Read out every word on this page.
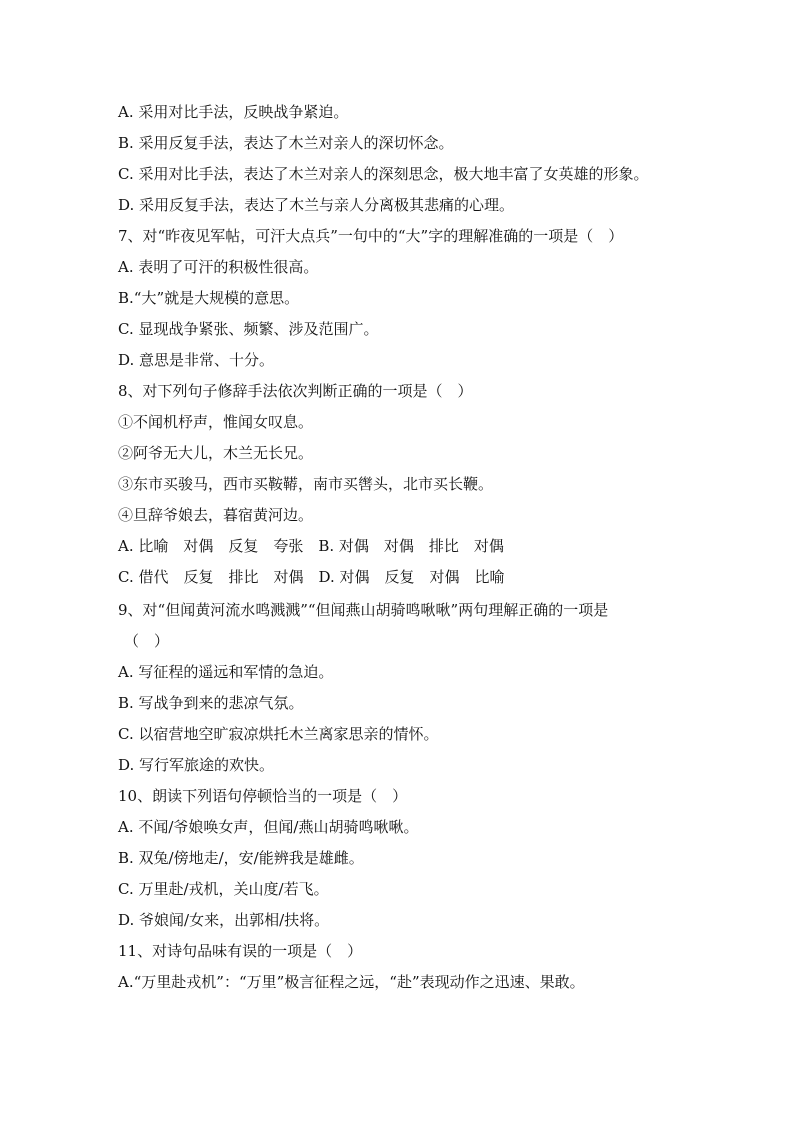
A. 采用对比手法，反映战争紧迫。
B. 采用反复手法，表达了木兰对亲人的深切怀念。
C. 采用对比手法，表达了木兰对亲人的深刻思念，极大地丰富了女英雄的形象。
D. 采用反复手法，表达了木兰与亲人分离极其悲痛的心理。
7、对“昨夜见军帖，可汗大点兵”一句中的“大”字的理解准确的一项是（　）
A. 表明了可汗的积极性很高。
B.“大”就是大规模的意思。
C. 显现战争紧张、频繁、涉及范围广。
D. 意思是非常、十分。
8、对下列句子修辞手法依次判断正确的一项是（　）
①不闻机杼声，惟闻女叹息。
②阿爷无大儿，木兰无长兄。
③东市买骏马，西市买鞍鞯，南市买辔头，北市买长鞭。
④旦辞爷娘去，暮宿黄河边。
A. 比喻　对偶　反复　夸张　B. 对偶　对偶　排比　对偶
C. 借代　反复　排比　对偶　D. 对偶　反复　对偶　比喻
9、对“但闻黄河流水鸣溅溅”“但闻燕山胡骑鸣啾啾”两句理解正确的一项是
（　）
A. 写征程的遥远和军情的急迫。
B. 写战争到来的悲凉气氛。
C. 以宿营地空旷寂凉烘托木兰离家思亲的情怀。
D. 写行军旅途的欢快。
10、朗读下列语句停顿恰当的一项是（　）
A. 不闻/爷娘唤女声，但闻/燕山胡骑鸣啾啾。
B. 双兔/傍地走/，安/能辨我是雄雌。
C. 万里赴/戎机，关山度/若飞。
D. 爷娘闻/女来，出郭相/扶将。
11、对诗句品味有误的一项是（　）
A.“万里赴戎机”：“万里”极言征程之远，“赴”表现动作之迅速、果敢。
